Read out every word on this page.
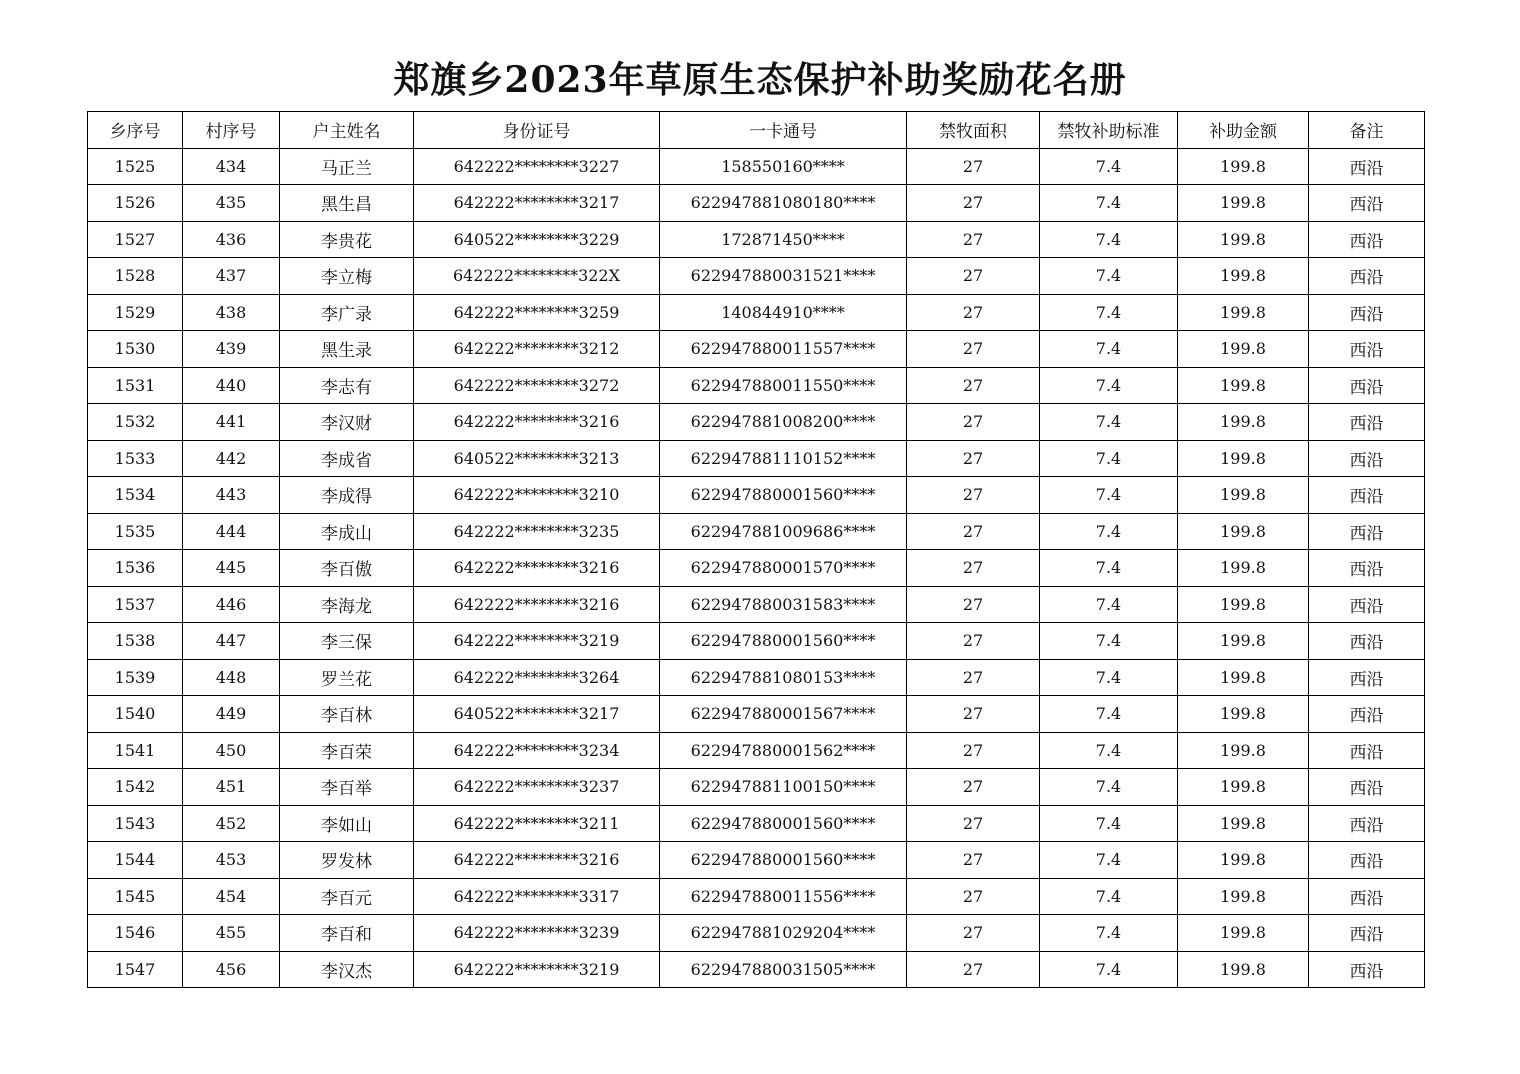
郑旗乡2023年草原生态保护补助奖励花名册
乡序号	村序号	户主姓名	身份证号	一卡通号	禁牧面积	禁牧补助标准	补助金额	备注
1525	434	马正兰	642222********3227	158550160****	27	7.4	199.8	西沿
1526	435	黑生昌	642222********3217	622947881080180****	27	7.4	199.8	西沿
1527	436	李贵花	640522********3229	172871450****	27	7.4	199.8	西沿
1528	437	李立梅	642222********322X	622947880031521****	27	7.4	199.8	西沿
1529	438	李广录	642222********3259	140844910****	27	7.4	199.8	西沿
1530	439	黑生录	642222********3212	622947880011557****	27	7.4	199.8	西沿
1531	440	李志有	642222********3272	622947880011550****	27	7.4	199.8	西沿
1532	441	李汉财	642222********3216	622947881008200****	27	7.4	199.8	西沿
1533	442	李成省	640522********3213	622947881110152****	27	7.4	199.8	西沿
1534	443	李成得	642222********3210	622947880001560****	27	7.4	199.8	西沿
1535	444	李成山	642222********3235	622947881009686****	27	7.4	199.8	西沿
1536	445	李百傲	642222********3216	622947880001570****	27	7.4	199.8	西沿
1537	446	李海龙	642222********3216	622947880031583****	27	7.4	199.8	西沿
1538	447	李三保	642222********3219	622947880001560****	27	7.4	199.8	西沿
1539	448	罗兰花	642222********3264	622947881080153****	27	7.4	199.8	西沿
1540	449	李百林	640522********3217	622947880001567****	27	7.4	199.8	西沿
1541	450	李百荣	642222********3234	622947880001562****	27	7.4	199.8	西沿
1542	451	李百举	642222********3237	622947881100150****	27	7.4	199.8	西沿
1543	452	李如山	642222********3211	622947880001560****	27	7.4	199.8	西沿
1544	453	罗发林	642222********3216	622947880001560****	27	7.4	199.8	西沿
1545	454	李百元	642222********3317	622947880011556****	27	7.4	199.8	西沿
1546	455	李百和	642222********3239	622947881029204****	27	7.4	199.8	西沿
1547	456	李汉杰	642222********3219	622947880031505****	27	7.4	199.8	西沿
